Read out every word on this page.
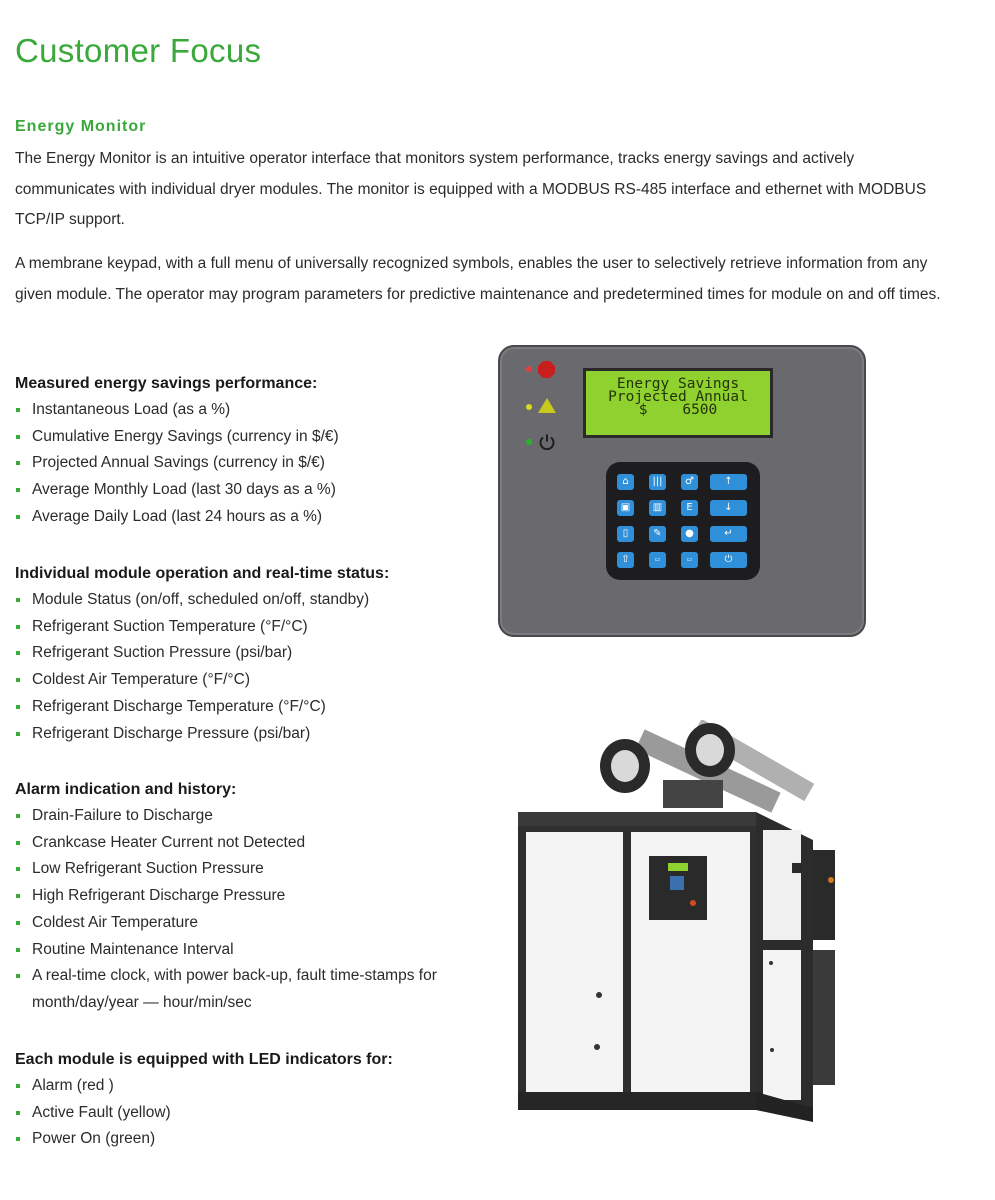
Customer Focus
Energy Monitor

The Energy Monitor is an intuitive operator interface that monitors system performance, tracks energy savings and actively communicates with individual dryer modules. The monitor is equipped with a MODBUS RS-485 interface and ethernet with MODBUS TCP/IP support.

A membrane keypad, with a full menu of universally recognized symbols, enables the user to selectively retrieve information from any given module. The operator may program parameters for predictive maintenance and predetermined times for module on and off times.

Measured energy savings performance:
Instantaneous Load (as a %)
Cumulative Energy Savings (currency in $/€)
Projected Annual Savings (currency in $/€)
Average Monthly Load (last 30 days as a %)
Average Daily Load (last 24 hours as a %)
Individual module operation and real-time status:
Module Status (on/off, scheduled on/off, standby)
Refrigerant Suction Temperature (°F/°C)
Refrigerant Suction Pressure (psi/bar)
Coldest Air Temperature (°F/°C)
Refrigerant Discharge Temperature (°F/°C)
Refrigerant Discharge Pressure (psi/bar)
Alarm indication and history:
Drain-Failure to Discharge
Crankcase Heater Current not Detected
Low Refrigerant Suction Pressure
High Refrigerant Discharge Pressure
Coldest Air Temperature
Routine Maintenance Interval
A real-time clock, with power back-up, fault time-stamps for month/day/year — hour/min/sec
Each module is equipped with LED indicators for:
Alarm (red )
Active Fault (yellow)
Power On (green)
Energy Savings
Projected Annual
$    6500
⌂	|||	♂	↑
▣	▥	E	↓
▯	✎	●	↵
⇧	▭	▭	⏻
